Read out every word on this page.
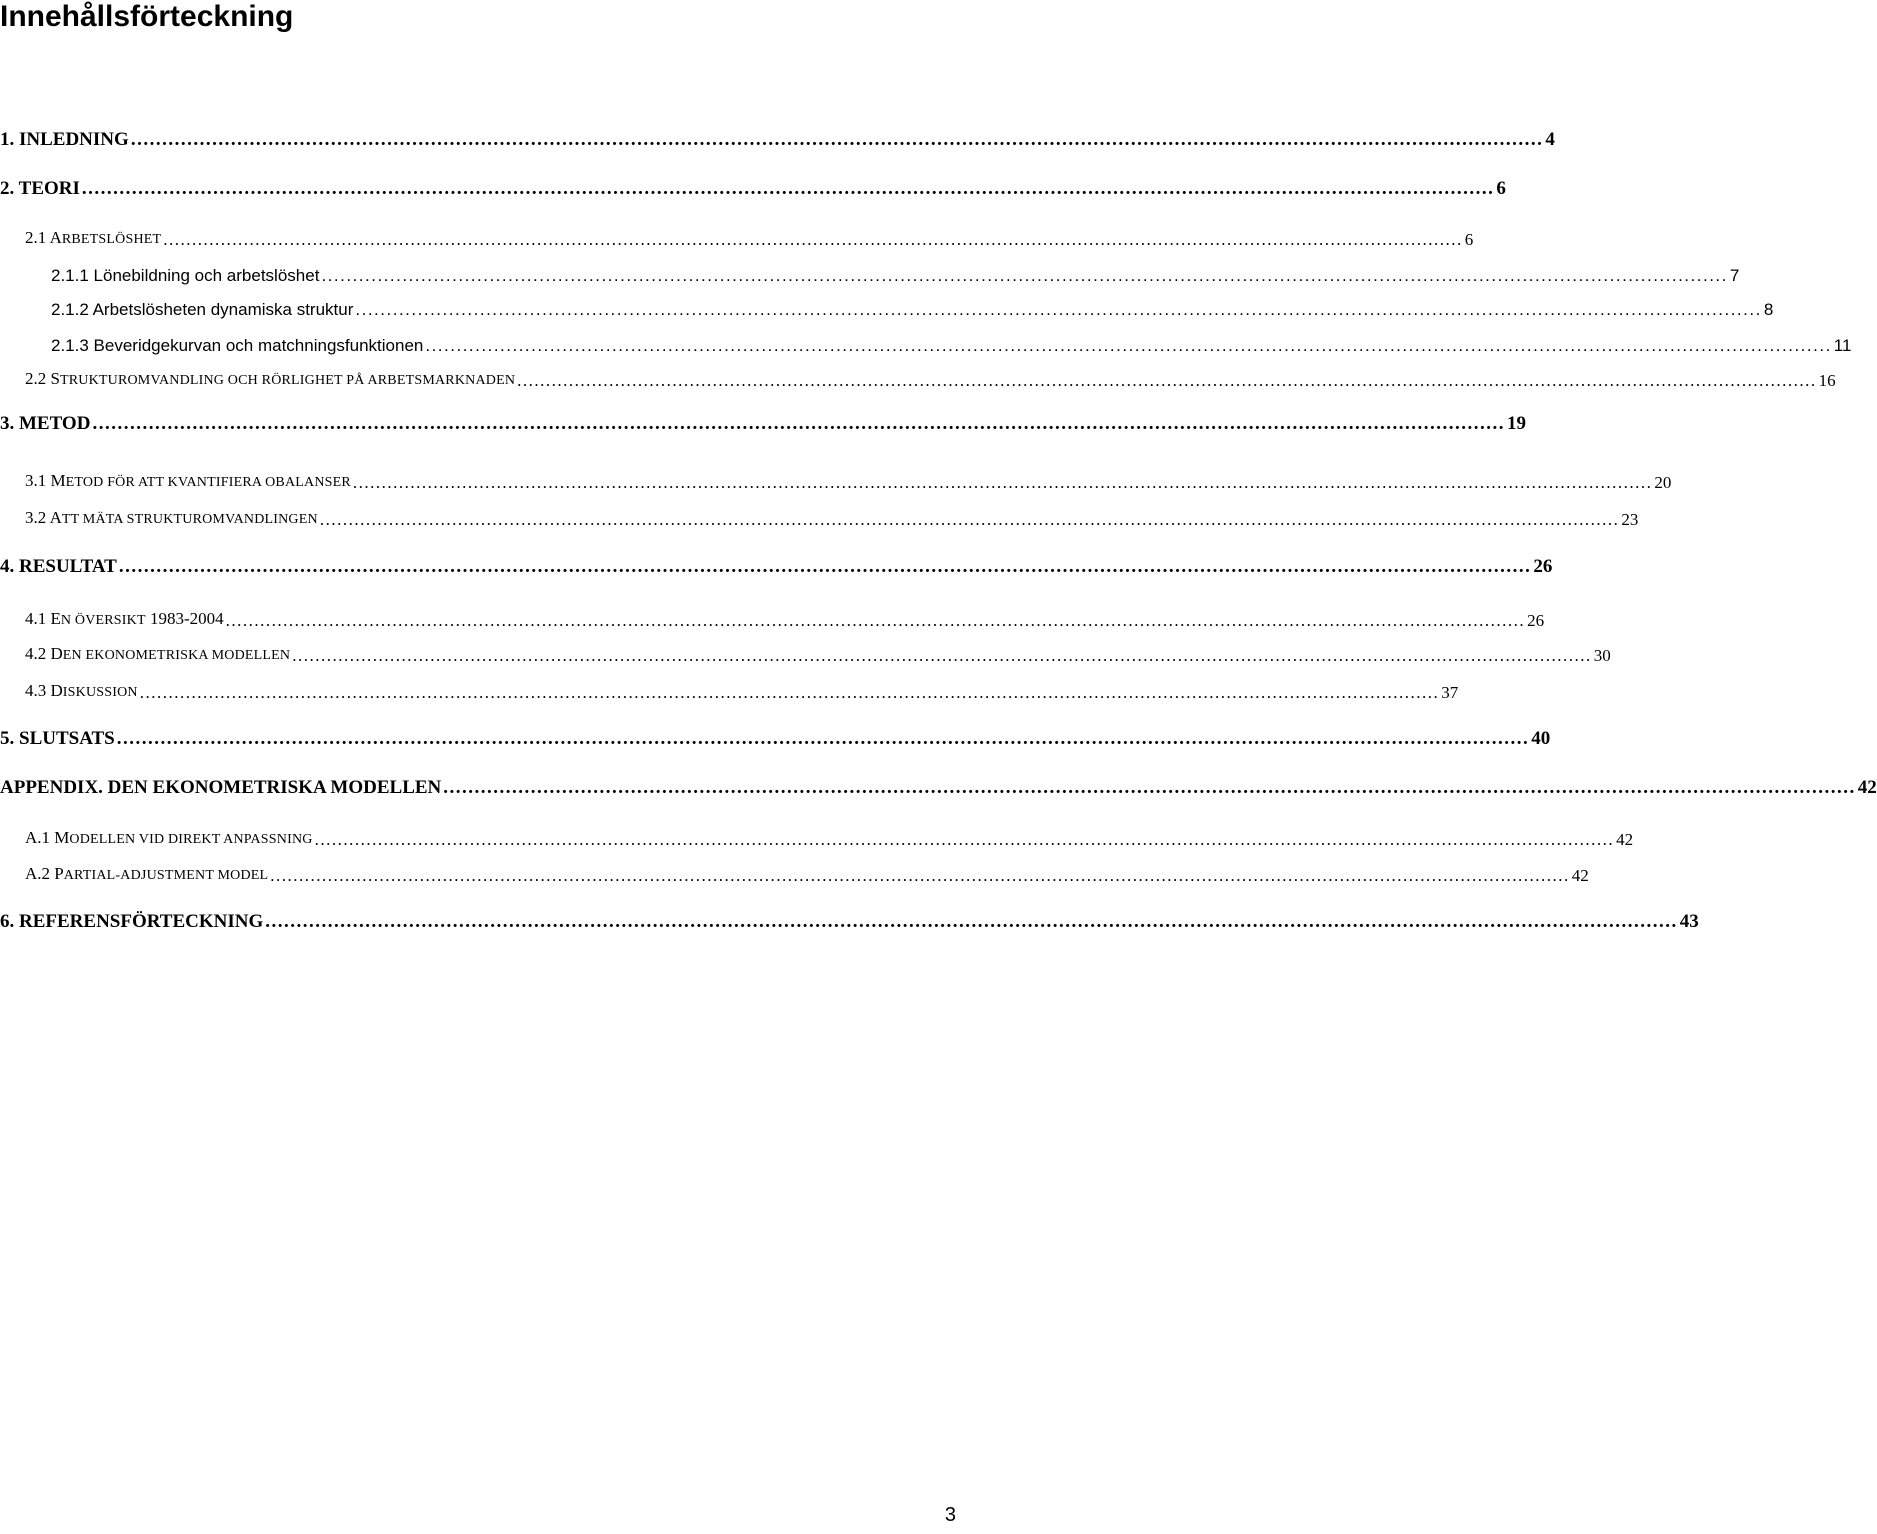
Innehållsförteckning
1. INLEDNING .................................................................................................................................................................................................................................. 4
2. TEORI .................................................................................................................................................................................................................................. 6
2.1 ARBETSLÖSHET .................................................................................................................................................................................................................................. 6
2.1.1 Lönebildning och arbetslöshet .................................................................................................................................................................................................................................. 7
2.1.2 Arbetslösheten dynamiska struktur .................................................................................................................................................................................................................................. 8
2.1.3 Beveridgekurvan och matchningsfunktionen .................................................................................................................................................................................................................................. 11
2.2 STRUKTUROMVANDLING OCH RÖRLIGHET PÅ ARBETSMARKNADEN .................................................................................................................................................................................................................................. 16
3. METOD .................................................................................................................................................................................................................................. 19
3.1 METOD FÖR ATT KVANTIFIERA OBALANSER .................................................................................................................................................................................................................................. 20
3.2 ATT MÄTA STRUKTUROMVANDLINGEN .................................................................................................................................................................................................................................. 23
4. RESULTAT .................................................................................................................................................................................................................................. 26
4.1 EN ÖVERSIKT 1983-2004 .................................................................................................................................................................................................................................. 26
4.2 DEN EKONOMETRISKA MODELLEN .................................................................................................................................................................................................................................. 30
4.3 DISKUSSION .................................................................................................................................................................................................................................. 37
5. SLUTSATS .................................................................................................................................................................................................................................. 40
APPENDIX. DEN EKONOMETRISKA MODELLEN .................................................................................................................................................................................................................................. 42
A.1 MODELLEN VID DIREKT ANPASSNING .................................................................................................................................................................................................................................. 42
A.2 PARTIAL-ADJUSTMENT MODEL .................................................................................................................................................................................................................................. 42
6. REFERENSFÖRTECKNING .................................................................................................................................................................................................................................. 43
3
